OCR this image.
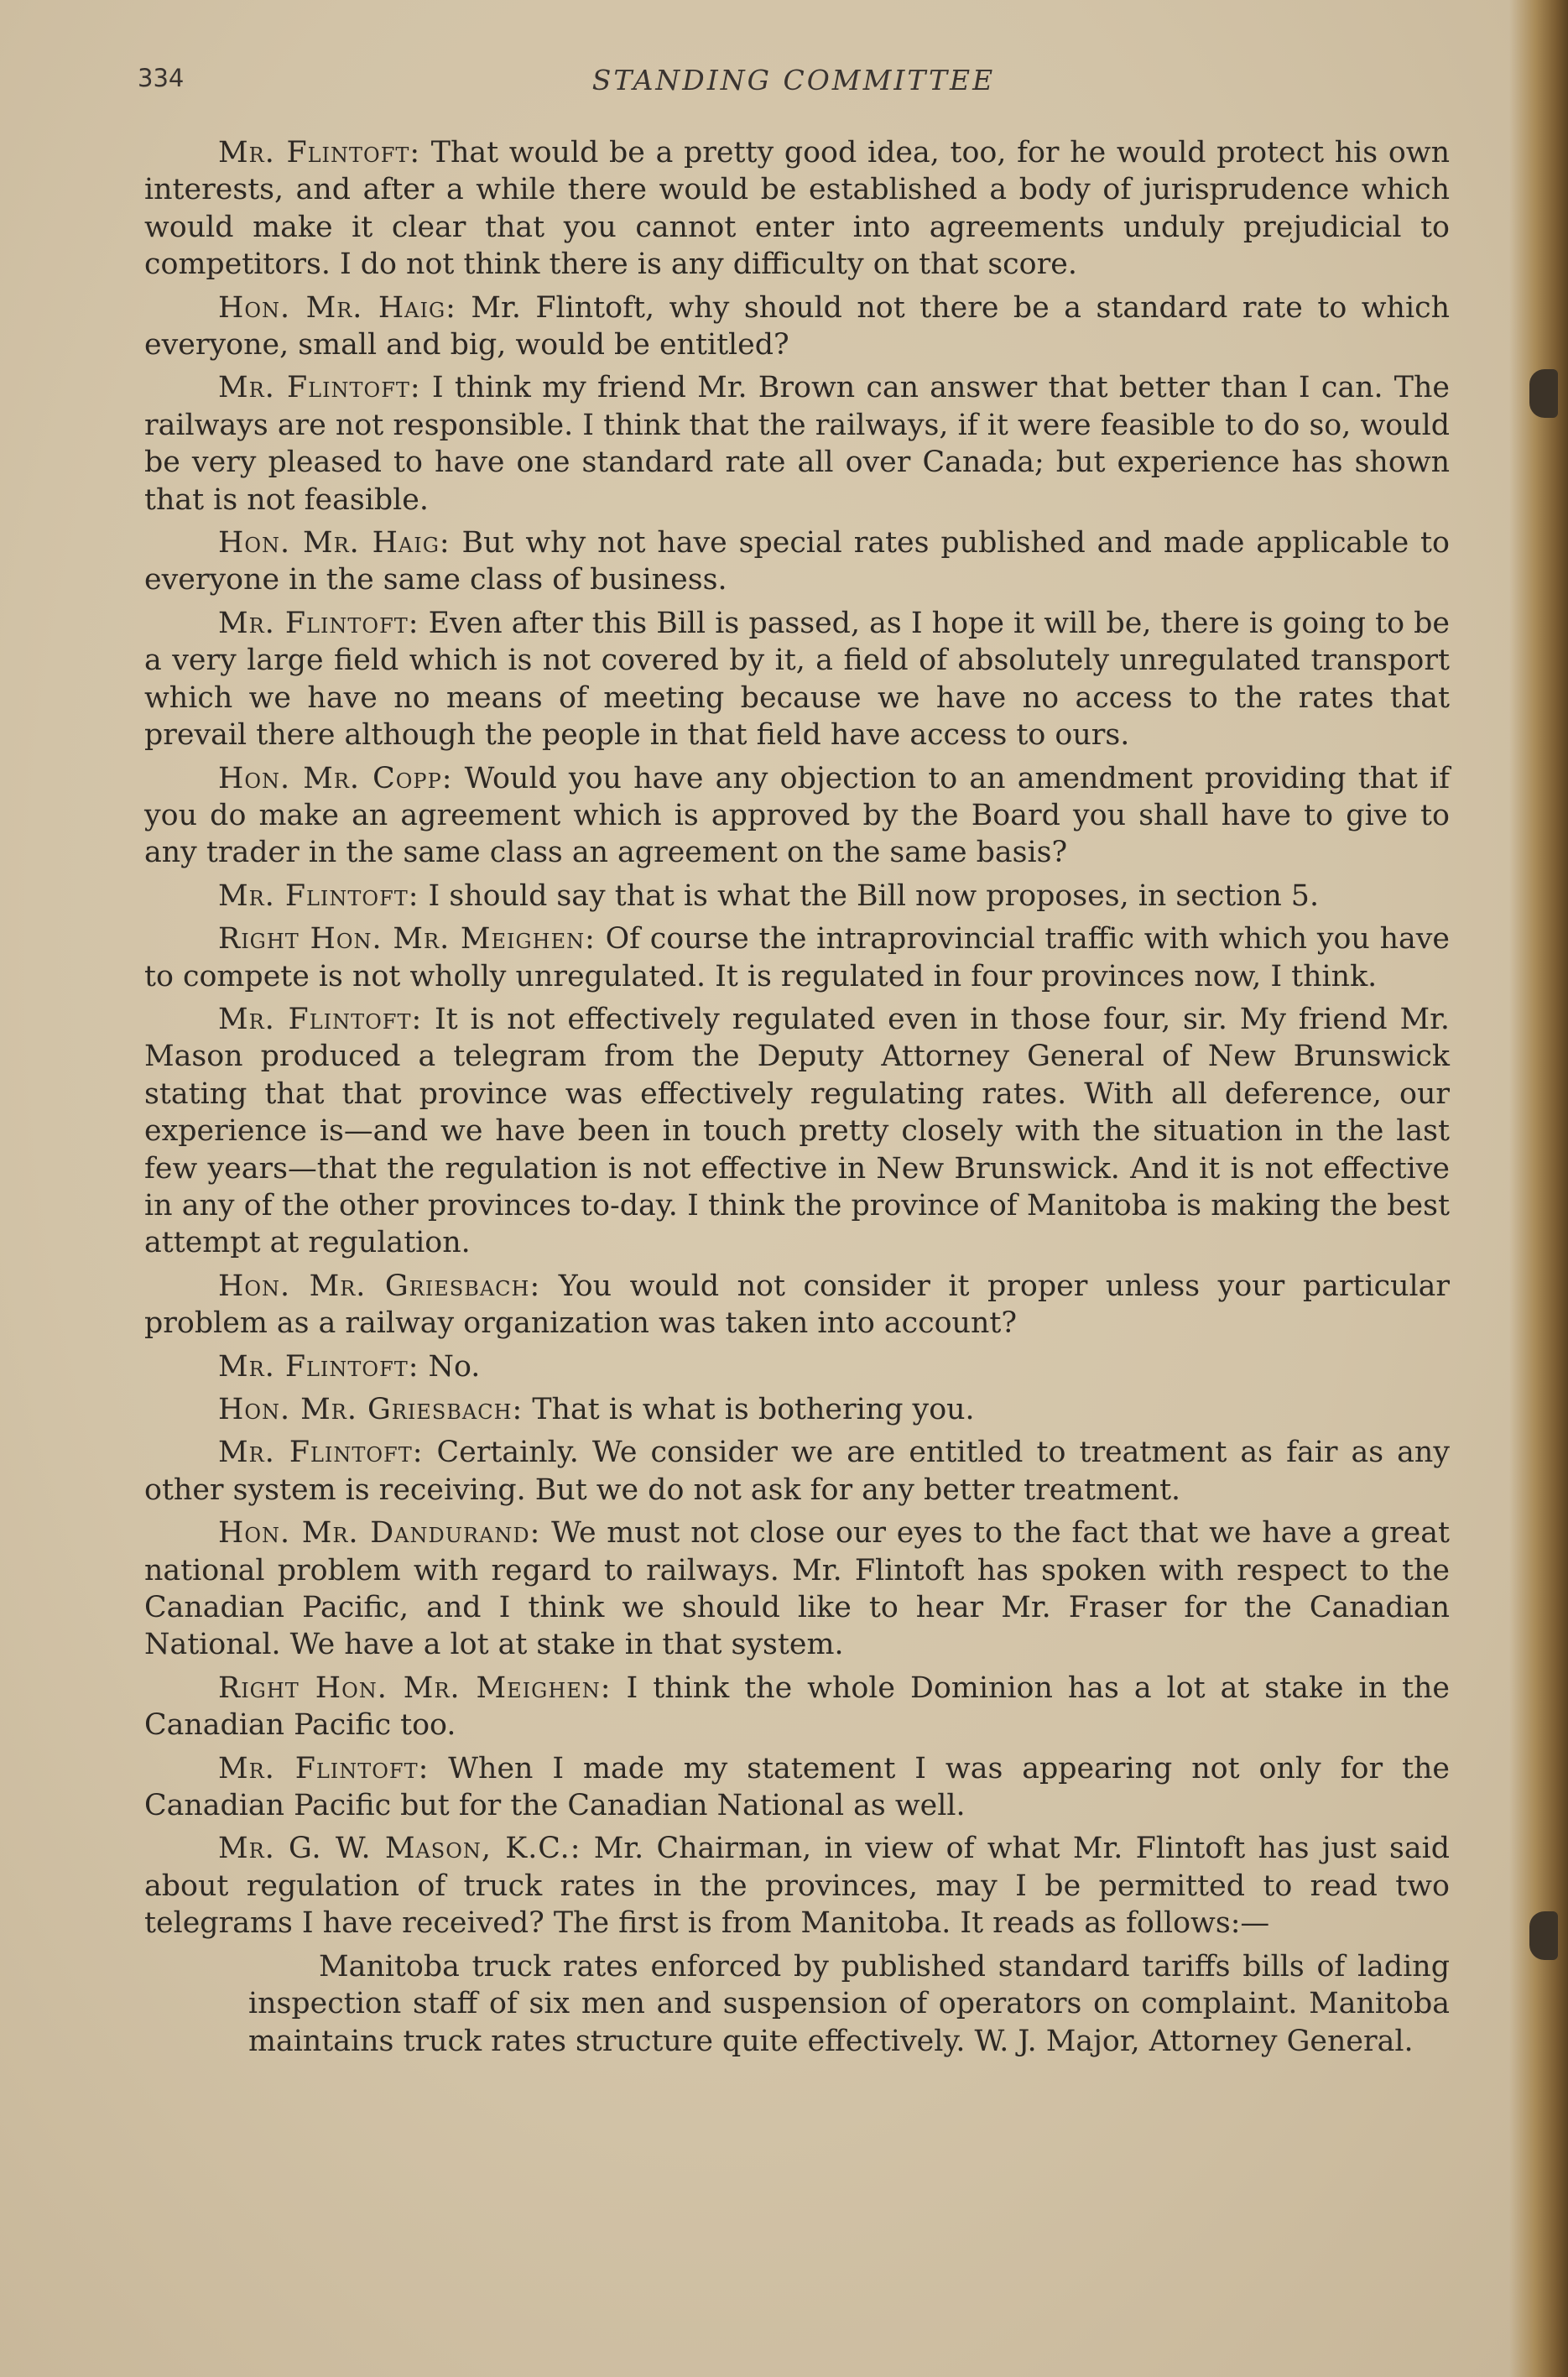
334	STANDING COMMITTEE

Mr. Flintoft: That would be a pretty good idea, too, for he would protect his own interests, and after a while there would be established a body of jurisprudence which would make it clear that you cannot enter into agreements unduly prejudicial to competitors. I do not think there is any difficulty on that score.

Hon. Mr. Haig: Mr. Flintoft, why should not there be a standard rate to which everyone, small and big, would be entitled?

Mr. Flintoft: I think my friend Mr. Brown can answer that better than I can. The railways are not responsible. I think that the railways, if it were feasible to do so, would be very pleased to have one standard rate all over Canada; but experience has shown that is not feasible.

Hon. Mr. Haig: But why not have special rates published and made applicable to everyone in the same class of business.

Mr. Flintoft: Even after this Bill is passed, as I hope it will be, there is going to be a very large field which is not covered by it, a field of absolutely unregulated transport which we have no means of meeting because we have no access to the rates that prevail there although the people in that field have access to ours.

Hon. Mr. Copp: Would you have any objection to an amendment providing that if you do make an agreement which is approved by the Board you shall have to give to any trader in the same class an agreement on the same basis?

Mr. Flintoft: I should say that is what the Bill now proposes, in section 5.

Right Hon. Mr. Meighen: Of course the intraprovincial traffic with which you have to compete is not wholly unregulated. It is regulated in four provinces now, I think.

Mr. Flintoft: It is not effectively regulated even in those four, sir. My friend Mr. Mason produced a telegram from the Deputy Attorney General of New Brunswick stating that that province was effectively regulating rates. With all deference, our experience is—and we have been in touch pretty closely with the situation in the last few years—that the regulation is not effective in New Brunswick. And it is not effective in any of the other provinces to-day. I think the province of Manitoba is making the best attempt at regulation.

Hon. Mr. Griesbach: You would not consider it proper unless your particular problem as a railway organization was taken into account?

Mr. Flintoft: No.

Hon. Mr. Griesbach: That is what is bothering you.

Mr. Flintoft: Certainly. We consider we are entitled to treatment as fair as any other system is receiving. But we do not ask for any better treatment.

Hon. Mr. Dandurand: We must not close our eyes to the fact that we have a great national problem with regard to railways. Mr. Flintoft has spoken with respect to the Canadian Pacific, and I think we should like to hear Mr. Fraser for the Canadian National. We have a lot at stake in that system.

Right Hon. Mr. Meighen: I think the whole Dominion has a lot at stake in the Canadian Pacific too.

Mr. Flintoft: When I made my statement I was appearing not only for the Canadian Pacific but for the Canadian National as well.

Mr. G. W. Mason, K.C.: Mr. Chairman, in view of what Mr. Flintoft has just said about regulation of truck rates in the provinces, may I be permitted to read two telegrams I have received? The first is from Manitoba. It reads as follows:—

Manitoba truck rates enforced by published standard tariffs bills of lading inspection staff of six men and suspension of operators on complaint. Manitoba maintains truck rates structure quite effectively. W. J. Major, Attorney General.
